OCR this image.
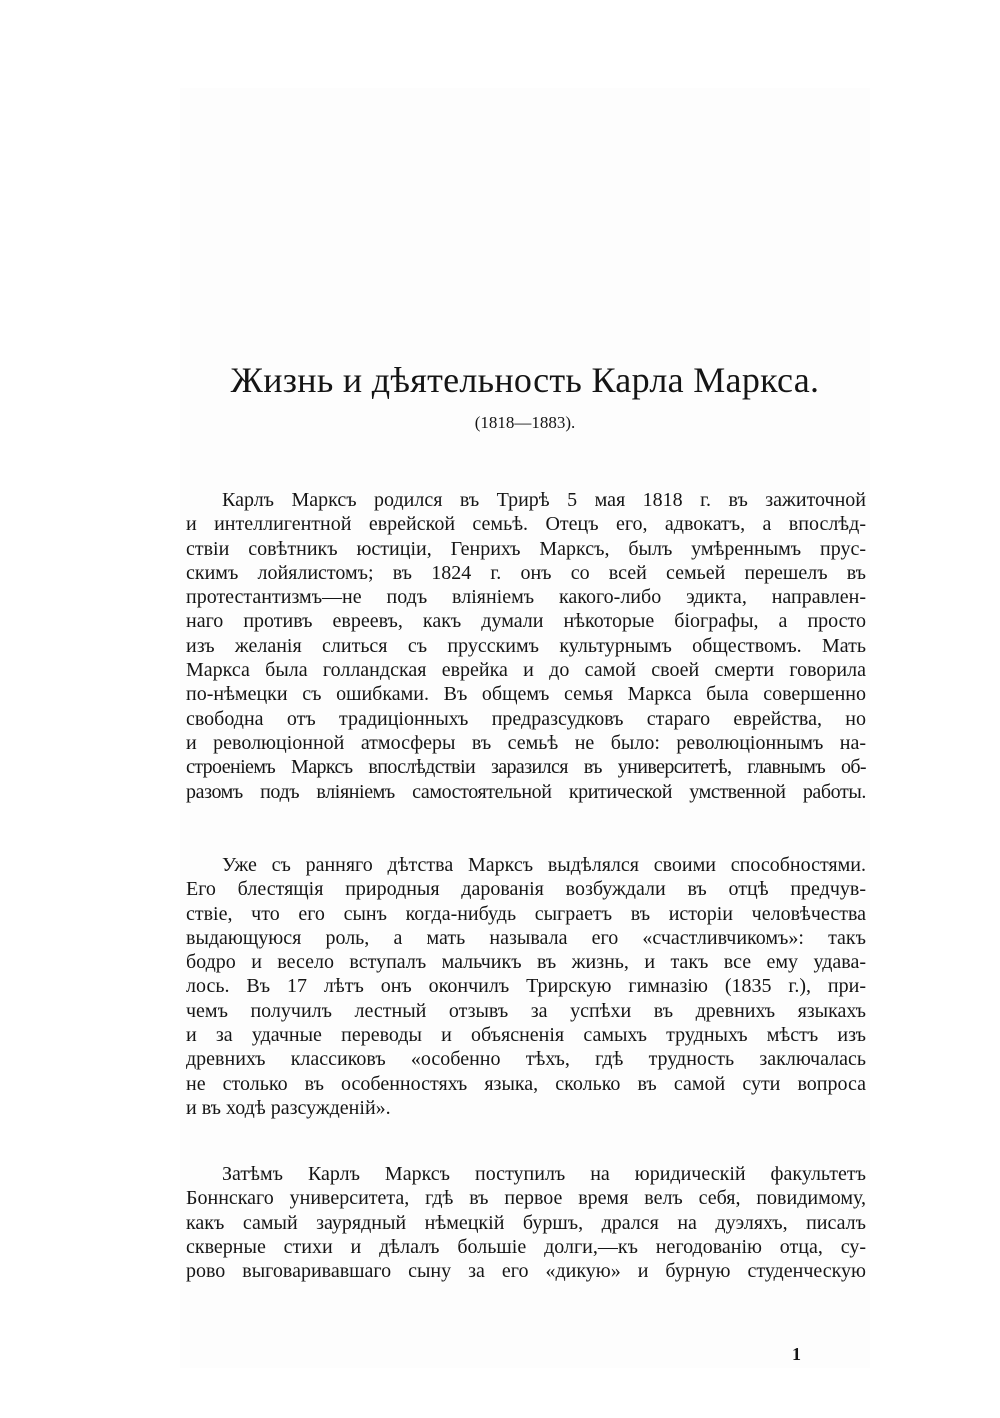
Жизнь и дѣятельность Карла Маркса.
(1818—1883).
Карлъ Марксъ родился въ Трирѣ 5 мая 1818 г. въ зажиточной
и интеллигентной еврейской семьѣ. Отецъ его, адвокатъ, а впослѣд-
ствіи совѣтникъ юстиціи, Генрихъ Марксъ, былъ умѣреннымъ прус-
скимъ лойялистомъ; въ 1824 г. онъ со всей семьей перешелъ въ
протестантизмъ—не подъ вліяніемъ какого-либо эдикта, направлен-
наго противъ евреевъ, какъ думали нѣкоторые біографы, а просто
изъ желанія слиться съ прусскимъ культурнымъ обществомъ. Мать
Маркса была голландская еврейка и до самой своей смерти говорила
по-нѣмецки съ ошибками. Въ общемъ семья Маркса была совершенно
свободна отъ традиціонныхъ предразсудковъ стараго еврейства, но
и революціонной атмосферы въ семьѣ не было: революціоннымъ на-
строеніемъ Марксъ впослѣдствіи заразился въ университетѣ, главнымъ об-
разомъ подъ вліяніемъ самостоятельной критической умственной работы.
Уже съ ранняго дѣтства Марксъ выдѣлялся своими способностями.
Его блестящія природныя дарованія возбуждали въ отцѣ предчув-
ствіе, что его сынъ когда-нибудь сыграетъ въ исторіи человѣчества
выдающуюся роль, а мать называла его «счастливчикомъ»: такъ
бодро и весело вступалъ мальчикъ въ жизнь, и такъ все ему удава-
лось. Въ 17 лѣтъ онъ окончилъ Трирскую гимназію (1835 г.), при-
чемъ получилъ лестный отзывъ за успѣхи въ древнихъ языкахъ
и за удачные переводы и объясненія самыхъ трудныхъ мѣстъ изъ
древнихъ классиковъ «особенно тѣхъ, гдѣ трудность заключалась
не столько въ особенностяхъ языка, сколько въ самой сути вопроса
и въ ходѣ разсужденій».
Затѣмъ Карлъ Марксъ поступилъ на юридическій факультетъ
Боннскаго университета, гдѣ въ первое время велъ себя, повидимому,
какъ самый заурядный нѣмецкій буршъ, дрался на дуэляхъ, писалъ
скверные стихи и дѣлалъ большіе долги,—къ негодованію отца, су-
рово выговаривавшаго сыну за его «дикую» и бурную студенческую
1
